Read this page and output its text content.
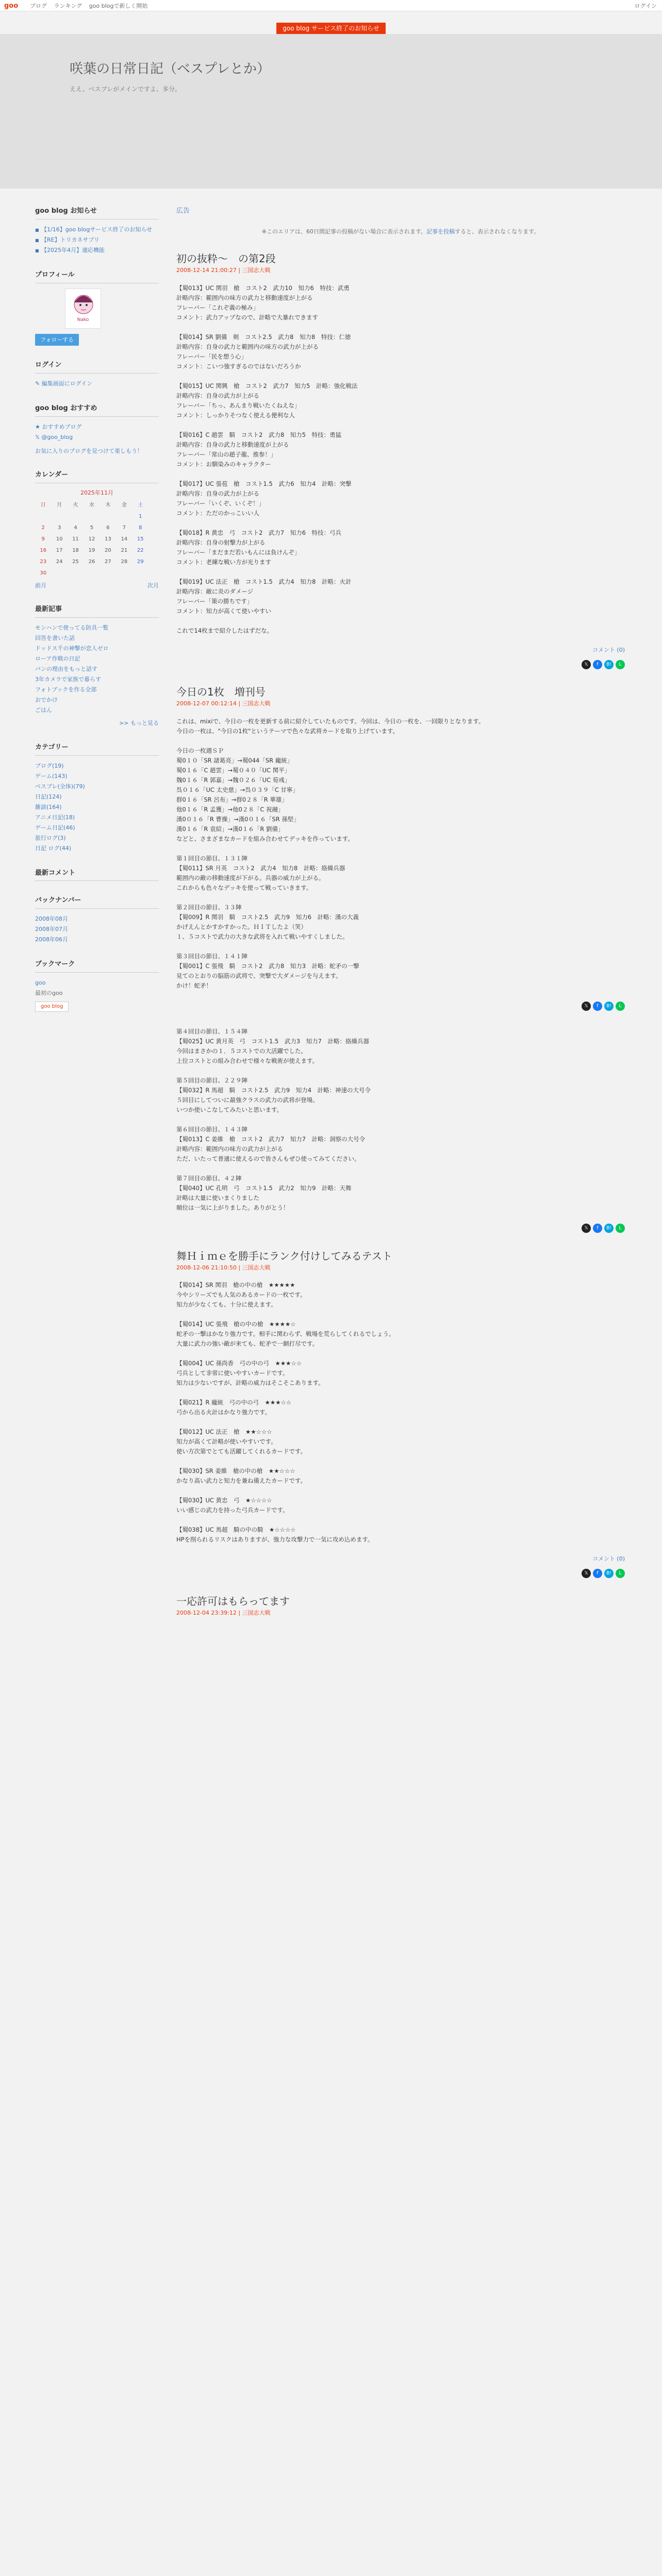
goo ブログ ランキング goo blogで新しく開始	ログイン
goo blog サービス終了のお知らせ
咲葉の日常日記（ベスプレとか）
ええ、ベスプレがメインですよ、多分。
goo blog お知らせ
■ 【1/16】goo blogサービス終了のお知らせ
■ 【RE】トリカネサプリ
■ 【2025年4月】適応機能
プロフィール
Nako
フォローする
ログイン
✎ 編集画面にログイン
goo blog おすすめ
★ おすすめブログ
𝕏 @goo_blog
お気に入りのブログを見つけて楽しもう！
カレンダー
2025年11月
日	月	火	水	木	金	土
						1
2	3	4	5	6	7	8
9	10	11	12	13	14	15
16	17	18	19	20	21	22
23	24	25	26	27	28	29
30						
前月	次月
最新記事
モンハンで使ってる防具一覧
回答を書いた話
ドッドス千の神撃が恋人ゼロ
ローア作戦の日記
バンの理由をもっと話す
3年カメラで家族で暮らす
フォトブックを作る全部
おでかけ
ごはん
>> もっと見る
カテゴリー
ブログ(19)
ゲーム(143)
ベスプレ(全体)(79)
日記(124)
雑談(164)
アニメ日記(18)
ゲーム日記(46)
旅行ログ(3)
日記 ログ(44)
最新コメント
バックナンバー
2008年08月
2008年07月
2008年06月
ブックマーク
goo
最初のgoo
goo blog
広告
※このエリアは、60日間記事の投稿がない場合に表示されます。記事を投稿すると、表示されなくなります。
初の抜粋〜　の第2段
2008-12-14 21:00:27 | 三国志大戦

【蜀013】UC 関羽　槍　コスト2　武力10　知力6　特技：武勇
計略内容：範囲内の味方の武力と移動速度が上がる
フレーバー「これぞ義の極み」
コメント：武力アップなので、計略で大暴れできます

【蜀014】SR 劉備　剣　コスト2.5　武力8　知力8　特技：仁徳
計略内容：自身の武力と範囲内の味方の武力が上がる
フレーバー「民を想う心」
コメント：こいつ強すぎるのではないだろうか

【蜀015】UC 関興　槍　コスト2　武力7　知力5　計略：強化戦法
計略内容：自身の武力が上がる
フレーバー「ちっ、あんまり戦いたくねえな」
コメント：しっかりそつなく使える便利な人

【蜀016】C 趙雲　騎　コスト2　武力8　知力5　特技：勇猛
計略内容：自身の武力と移動速度が上がる
フレーバー「常山の趙子龍、推参！」
コメント：お馴染みのキャラクター

【蜀017】UC 張苞　槍　コスト1.5　武力6　知力4　計略：突撃
計略内容：自身の武力が上がる
フレーバー「いくぞ、いくぞ！」
コメント：ただのかっこいい人

【蜀018】R 黄忠　弓　コスト2　武力7　知力6　特技：弓兵
計略内容：自身の射撃力が上がる
フレーバー「まだまだ若いもんには負けんぞ」
コメント：老練な戦い方が光ります

【蜀019】UC 法正　槍　コスト1.5　武力4　知力8　計略：火計
計略内容：敵に炎のダメージ
フレーバー「策の勝ちです」
コメント：知力が高くて使いやすい

これで14枚まで紹介したはずだな。

コメント (0)
𝕏 f B! L
今日の1枚　増刊号
2008-12-07 00:12:14 | 三国志大戦

これは、mixiで、今日の一枚を更新する前に紹介していたものです。今回は、今日の一枚を、一回限りとなります。
今日の一枚は、"今日の1枚"というテーマで色々な武将カードを取り上げています。

今日の一枚週ＳＰ
蜀0１０「SR 諸葛亮」→蜀044「SR 龐統」
蜀0１６「C 趙雲」→蜀０４０「UC 関平」
魏0１６「R 郭嘉」→魏０２６「UC 荀彧」
呉０１６「UC 太史慈」→呉０３９「C 甘寧」
群0１６「SR 呂布」→群0２８「R 華雄」
他0１６「R 孟獲」→他0２８「C 祝融」
漢0０１６「R 曹操」→漢0０１６「SR 孫堅」
漢0１６「R 袁紹」→漢0１６「R 劉備」
などと、さまざまなカードを組み合わせてデッキを作っています。

第１回目の節目、１３１陣
【蜀011】SR 月英　コスト2　武力4　知力8　計略：絡繰兵器
範囲内の敵の移動速度が下がる。兵器の威力が上がる。
これからも色々なデッキを使って戦っていきます。

第２回目の節目、３３陣
【蜀009】R 関羽　騎　コスト2.5　武力9　知力6　計略：漢の大義
かげえんとかすかすかった。ＨＩＴしたよ（笑）
１、５コストで武力の大きな武将を入れて戦いやすくしました。

第３回目の節目、１４１陣
【蜀001】C 張飛　騎　コスト2　武力8　知力3　計略：蛇矛の一撃
見てのとおりの脳筋の武将で、突撃で大ダメージを与えます。
かけ！蛇矛！

𝕏 f B! L

第４回目の節目、１５４陣
【蜀025】UC 黄月英　弓　コスト1.5　武力3　知力7　計略：絡繰兵器
今回はまさかの１．５コストでの大活躍でした。
上位コストとの組み合わせで様々な戦術が使えます。

第５回目の節目、２２９陣
【蜀032】R 馬超　騎　コスト2.5　武力9　知力4　計略：神速の大号令
５回目にしてついに最強クラスの武力の武将が登場。
いつか使いこなしてみたいと思います。

第６回目の節目、１４３陣
【蜀013】C 姜維　槍　コスト2　武力7　知力7　計略：洞察の大号令
計略内容：範囲内の味方の武力が上がる
ただ、いたって普通に使えるので皆さんもぜひ使ってみてください。

第７回目の節目、４２陣
【蜀040】UC 孔明　弓　コスト1.5　武力2　知力9　計略：天舞
計略は大量に使いまくりました
順位は一気に上がりました。ありがとう！

𝕏 f B! L
舞Ｈｉｍｅを勝手にランク付けしてみるテスト
2008-12-06 21:10:50 | 三国志大戦

【蜀014】SR 関羽　槍の中の槍　★★★★★
今やシリーズでも人気のあるカードの一枚です。
知力が少なくても、十分に使えます。

【蜀014】UC 張飛　槍の中の槍　★★★★☆
蛇矛の一撃はかなり強力です。相手に関わらず、戦場を荒らしてくれるでしょう。
大量に武力の強い敵が来ても、蛇矛で一網打尽です。

【蜀004】UC 孫尚香　弓の中の弓　★★★☆☆
弓兵として非常に使いやすいカードです。
知力は少ないですが、計略の威力はそこそこあります。

【蜀021】R 龐統　弓の中の弓　★★★☆☆
弓から出る火計はかなり強力です。

【蜀012】UC 法正　槍　★★☆☆☆
知力が高くて計略が使いやすいです。
使い方次第でとても活躍してくれるカードです。

【蜀030】SR 姜維　槍の中の槍　★★☆☆☆
かなり高い武力と知力を兼ね備えたカードです。

【蜀030】UC 黄忠　弓　★☆☆☆☆
いい感じの武力を持った弓兵カードです。

【蜀038】UC 馬超　騎の中の騎　★☆☆☆☆
HPを削られるリスクはありますが、強力な攻撃力で一気に攻め込めます。

コメント (0)
𝕏 f B! L
一応許可はもらってます
2008-12-04 23:39:12 | 三国志大戦
